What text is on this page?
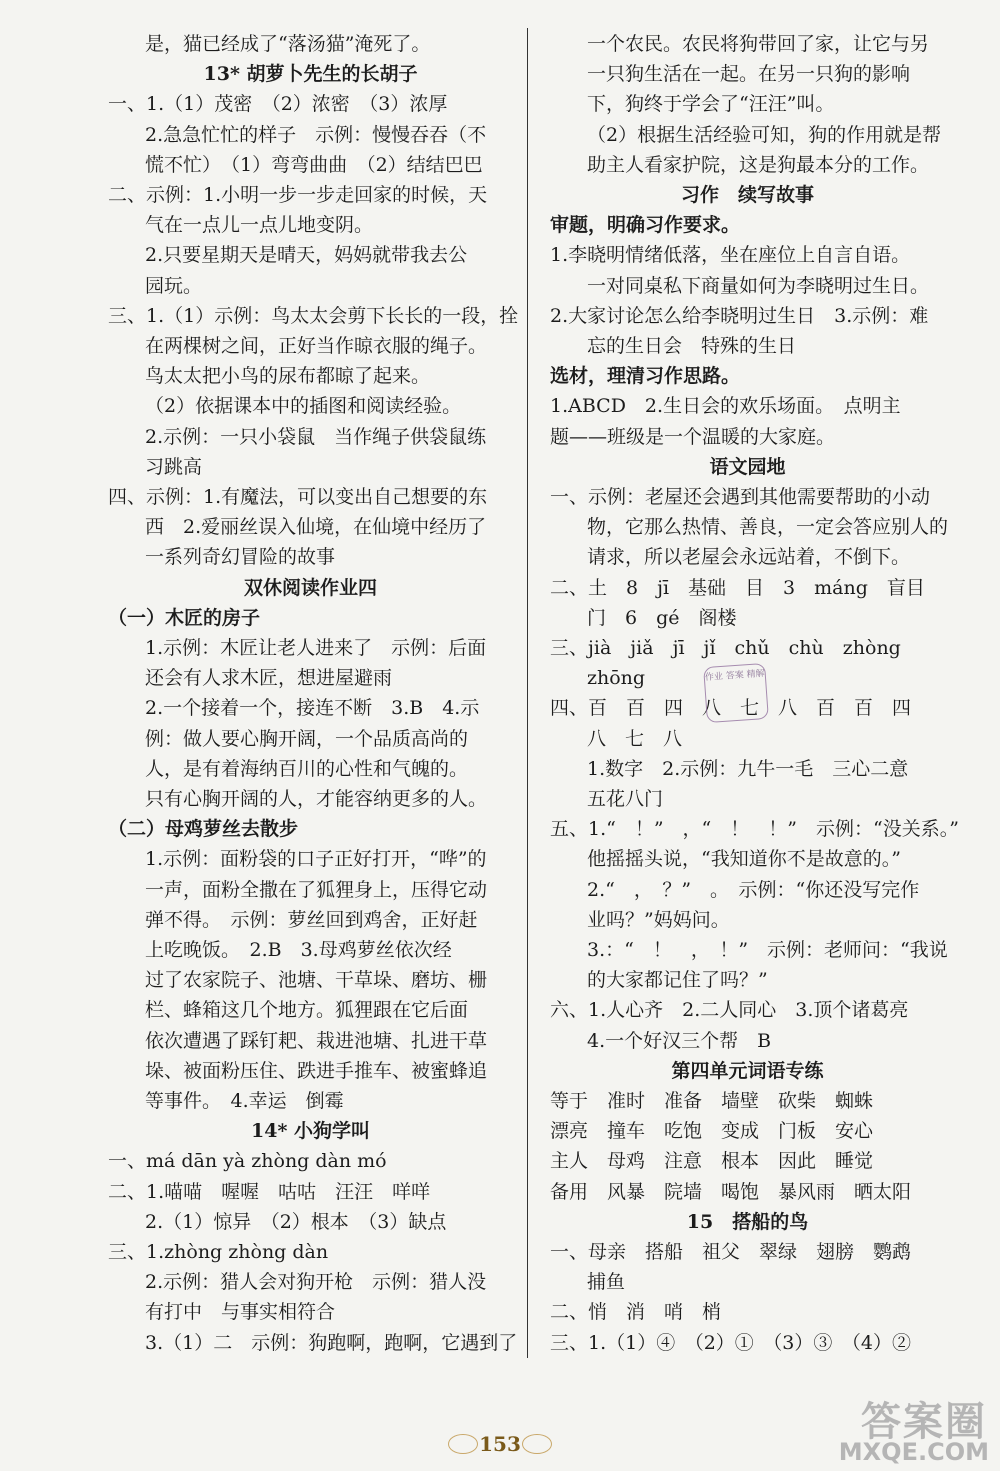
是，猫已经成了“落汤猫”淹死了。
13* 胡萝卜先生的长胡子
一、1.（1）茂密　（2）浓密　（3）浓厚
2.急急忙忙的样子　示例：慢慢吞吞（不
慌不忙）　（1）弯弯曲曲　（2）结结巴巴
二、示例：1.小明一步一步走回家的时候，天
气在一点儿一点儿地变阴。
2.只要星期天是晴天，妈妈就带我去公
园玩。
三、1.（1）示例：鸟太太会剪下长长的一段，拴
在两棵树之间，正好当作晾衣服的绳子。
鸟太太把小鸟的尿布都晾了起来。
（2）依据课本中的插图和阅读经验。
2.示例：一只小袋鼠　当作绳子供袋鼠练
习跳高
四、示例：1.有魔法，可以变出自己想要的东
西　2.爱丽丝误入仙境，在仙境中经历了
一系列奇幻冒险的故事
双休阅读作业四
（一）木匠的房子
1.示例：木匠让老人进来了　示例：后面
还会有人求木匠，想进屋避雨
2.一个接着一个，接连不断　3.B　4.示
例：做人要心胸开阔，一个品质高尚的
人，是有着海纳百川的心性和气魄的。
只有心胸开阔的人，才能容纳更多的人。
（二）母鸡萝丝去散步
1.示例：面粉袋的口子正好打开，“哗”的
一声，面粉全撒在了狐狸身上，压得它动
弹不得。　示例：萝丝回到鸡舍，正好赶
上吃晚饭。　2.B　3.母鸡萝丝依次经
过了农家院子、池塘、干草垛、磨坊、栅
栏、蜂箱这几个地方。狐狸跟在它后面
依次遭遇了踩钉耙、栽进池塘、扎进干草
垛、被面粉压住、跌进手推车、被蜜蜂追
等事件。　4.幸运　倒霉
14* 小狗学叫
一、má dān yà zhòng dàn mó
二、1.喵喵　喔喔　咕咕　汪汪　咩咩
2.（1）惊异　（2）根本　（3）缺点
三、1.zhòng zhòng dàn
2.示例：猎人会对狗开枪　示例：猎人没
有打中　与事实相符合
3.（1）二　示例：狗跑啊，跑啊，它遇到了
一个农民。农民将狗带回了家，让它与另
一只狗生活在一起。在另一只狗的影响
下，狗终于学会了“汪汪”叫。
（2）根据生活经验可知，狗的作用就是帮
助主人看家护院，这是狗最本分的工作。
习作　续写故事
审题，明确习作要求。
1.李晓明情绪低落，坐在座位上自言自语。
一对同桌私下商量如何为李晓明过生日。
2.大家讨论怎么给李晓明过生日　3.示例：难
忘的生日会　特殊的生日
选材，理清习作思路。
1.ABCD　2.生日会的欢乐场面。　点明主
题——班级是一个温暖的大家庭。
语文园地
一、示例：老屋还会遇到其他需要帮助的小动
物，它那么热情、善良，一定会答应别人的
请求，所以老屋会永远站着，不倒下。
二、土　8　jī　基础　目　3　máng　盲目
门　6　gé　阁楼
三、jià　jiǎ　jī　jǐ　chǔ　chù　zhòng
zhōng
四、百　百　四　八　七　八　百　百　四
八　七　八
1.数字　2.示例：九牛一毛　三心二意
五花八门
五、1.“　！”　，“　！　！”　示例：“没关系。”
他摇摇头说，“我知道你不是故意的。”
2.“　，　？”　。　示例：“你还没写完作
业吗？”妈妈问。
3.：“　！　，　！”　示例：老师问：“我说
的大家都记住了吗？”
六、1.人心齐　2.二人同心　3.顶个诸葛亮
4.一个好汉三个帮　B
第四单元词语专练
等于　准时　准备　墙壁　砍柴　蜘蛛
漂亮　撞车　吃饱　变成　门板　安心
主人　母鸡　注意　根本　因此　睡觉
备用　风暴　院墙　喝饱　暴风雨　晒太阳
15　搭船的鸟
一、母亲　搭船　祖父　翠绿　翅膀　鹦鹉
捕鱼
二、悄　消　哨　梢
三、1.（1）④　（2）①　（3）③　（4）②
作业 答案 精解
153	答案圈
MXQE.COM
